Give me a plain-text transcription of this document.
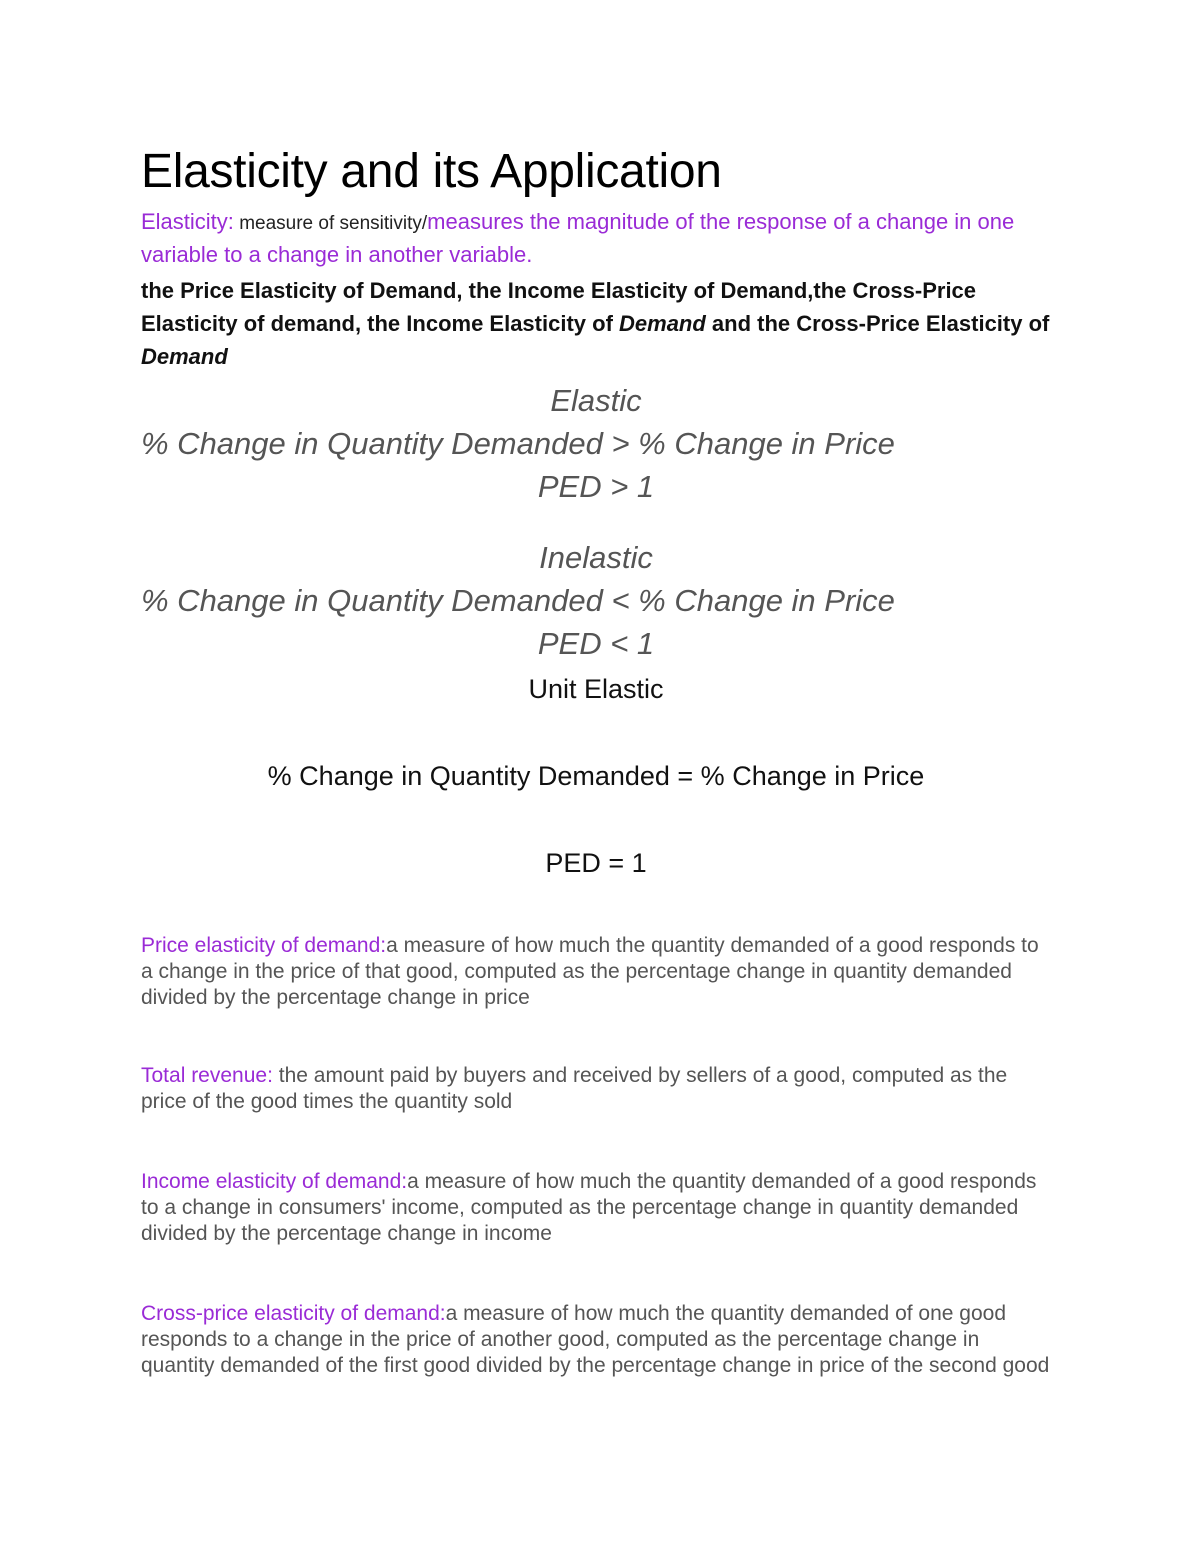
Elasticity and its Application

Elasticity: measure of sensitivity/measures the magnitude of the response of a change in one variable to a change in another variable.

the Price Elasticity of Demand, the Income Elasticity of Demand,the Cross-Price Elasticity of demand, the Income Elasticity of Demand and the Cross-Price Elasticity of Demand

Elastic

% Change in Quantity Demanded > % Change in Price

PED > 1

Inelastic

% Change in Quantity Demanded < % Change in Price

PED < 1

Unit Elastic

% Change in Quantity Demanded = % Change in Price

PED = 1

Price elasticity of demand:a measure of how much the quantity demanded of a good responds to a change in the price of that good, computed as the percentage change in quantity demanded divided by the percentage change in price

Total revenue: the amount paid by buyers and received by sellers of a good, computed as the price of the good times the quantity sold

Income elasticity of demand:a measure of how much the quantity demanded of a good responds to a change in consumers' income, computed as the percentage change in quantity demanded divided by the percentage change in income

Cross-price elasticity of demand:a measure of how much the quantity demanded of one good responds to a change in the price of another good, computed as the percentage change in quantity demanded of the first good divided by the percentage change in price of the second good
